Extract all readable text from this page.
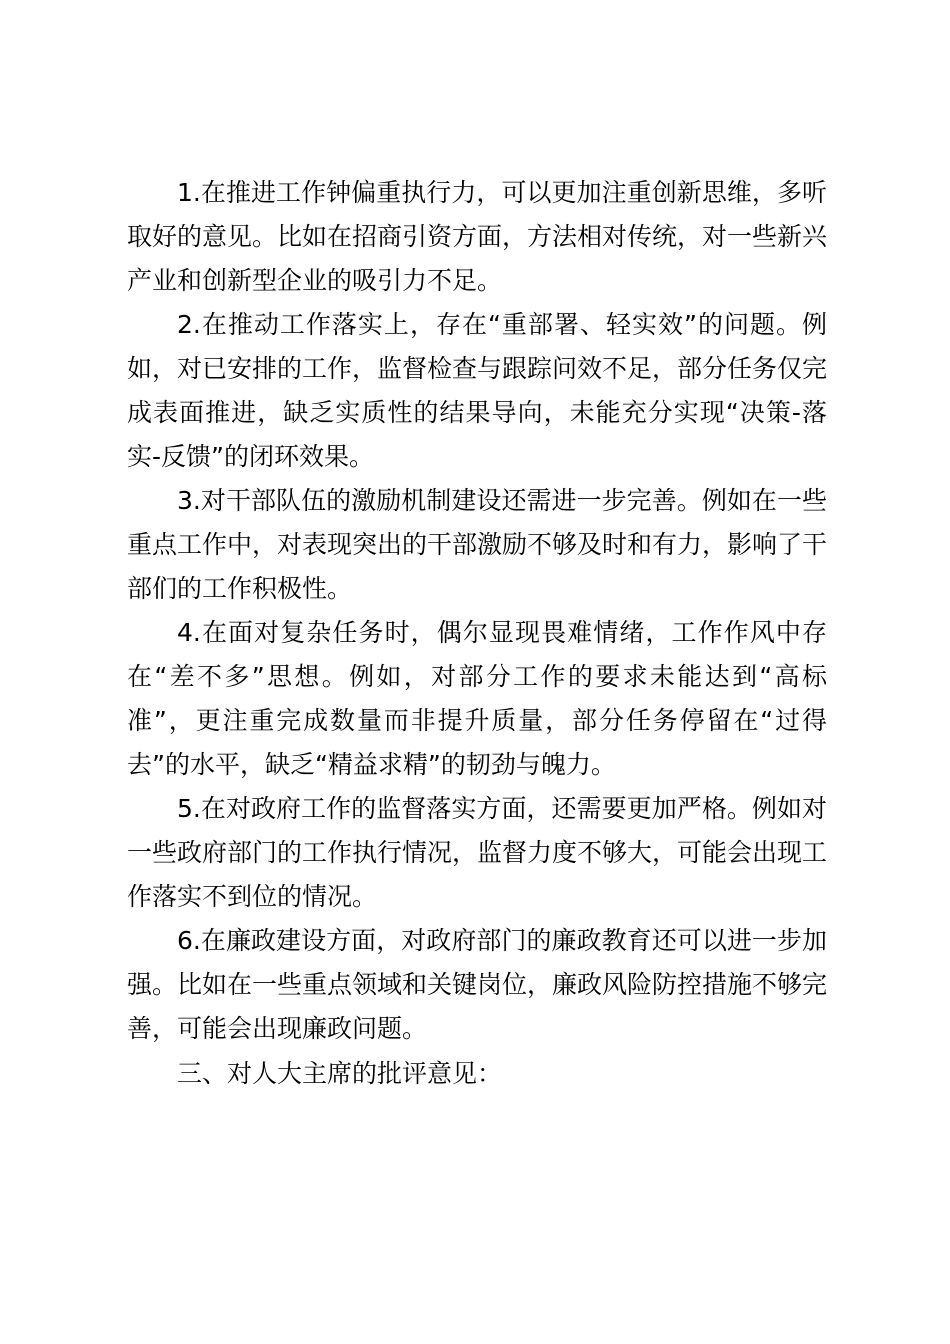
1.在推进工作钟偏重执行力，可以更加注重创新思维，多听取好的意见。比如在招商引资方面，方法相对传统，对一些新兴产业和创新型企业的吸引力不足。

2.在推动工作落实上，存在“重部署、轻实效”的问题。例如，对已安排的工作，监督检查与跟踪问效不足，部分任务仅完成表面推进，缺乏实质性的结果导向，未能充分实现“决策-落实-反馈”的闭环效果。

3.对干部队伍的激励机制建设还需进一步完善。例如在一些重点工作中，对表现突出的干部激励不够及时和有力，影响了干部们的工作积极性。

4.在面对复杂任务时，偶尔显现畏难情绪，工作作风中存在“差不多”思想。例如，对部分工作的要求未能达到“高标准”，更注重完成数量而非提升质量，部分任务停留在“过得去”的水平，缺乏“精益求精”的韧劲与魄力。

5.在对政府工作的监督落实方面，还需要更加严格。例如对一些政府部门的工作执行情况，监督力度不够大，可能会出现工作落实不到位的情况。

6.在廉政建设方面，对政府部门的廉政教育还可以进一步加强。比如在一些重点领域和关键岗位，廉政风险防控措施不够完善，可能会出现廉政问题。

三、对人大主席的批评意见：
